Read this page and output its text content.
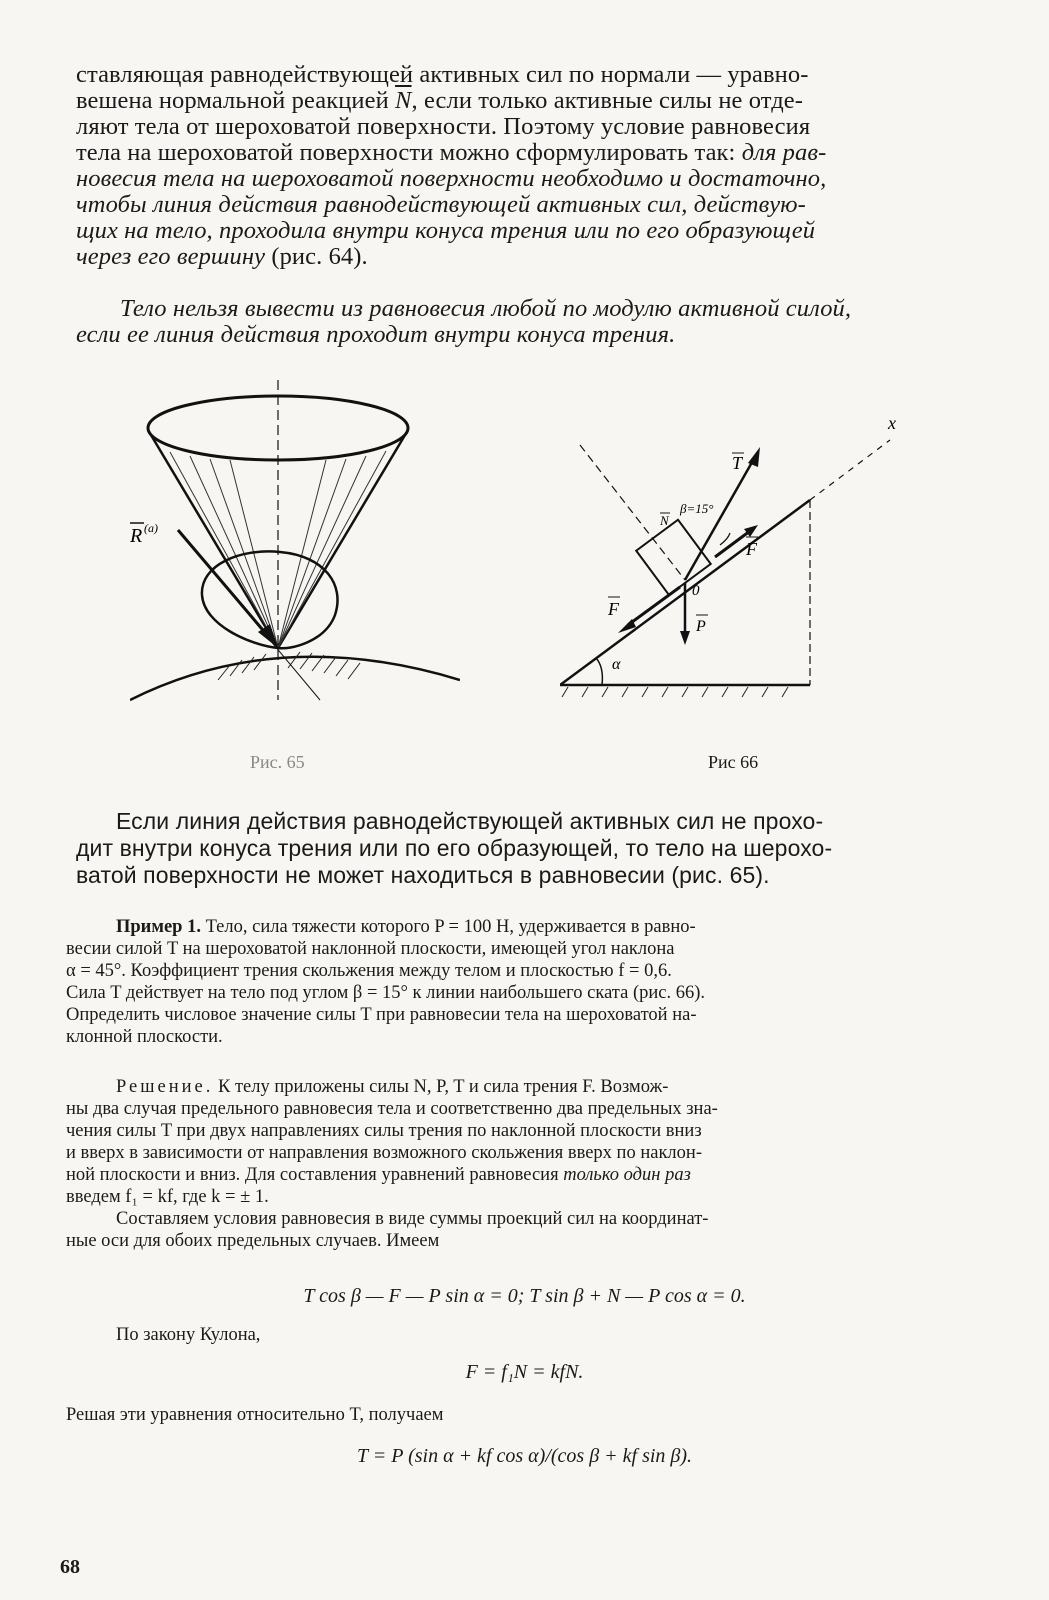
ставляющая равнодействующей активных сил по нормали — уравно-
вешена нормальной реакцией $\overline{N}$, если только активные силы не отде-
ляют тела от шероховатой поверхности. Поэтому условие равновесия
тела на шероховатой поверхности можно сформулировать так: для рав-
новесия тела на шероховатой поверхности необходимо и достаточно,
чтобы линия действия равнодействующей активных сил, действую-
щих на тело, проходила внутри конуса трения или по его образующей
через его вершину (рис. 64).
Тело нельзя вывести из равновесия любой по модулю активной силой,
если ее линия действия проходит внутри конуса трения.
R (a)
x
N
T
β=15°
F
0
F
P
α
Рис. 65	Рис 66
Если линия действия равнодействующей активных сил не прохо-
дит внутри конуса трения или по его образующей, то тело на шерохо-
ватой поверхности не может находиться в равновесии (рис. 65).
Пример 1. Тело, сила тяжести которого P = 100 Н, удерживается в равно-
весии силой T на шероховатой наклонной плоскости, имеющей угол наклона
α = 45°. Коэффициент трения скольжения между телом и плоскостью f = 0,6.
Сила T действует на тело под углом β = 15° к линии наибольшего ската (рис. 66).
Определить числовое значение силы T при равновесии тела на шероховатой на-
клонной плоскости.
Решение. К телу приложены силы N, P, T и сила трения F. Возмож-
ны два случая предельного равновесия тела и соответственно два предельных зна-
чения силы T при двух направлениях силы трения по наклонной плоскости вниз
и вверх в зависимости от направления возможного скольжения вверх по наклон-
ной плоскости и вниз. Для составления уравнений равновесия только один раз
введем f₁ = kf, где k = ± 1.
Составляем условия равновесия в виде суммы проекций сил на координат-
ные оси для обоих предельных случаев. Имеем
T cos β — F — P sin α = 0; T sin β + N — P cos α = 0.
По закону Кулона,
F = f₁N = kfN.
Решая эти уравнения относительно T, получаем
T = P (sin α + kf cos α)/(cos β + kf sin β).
68
